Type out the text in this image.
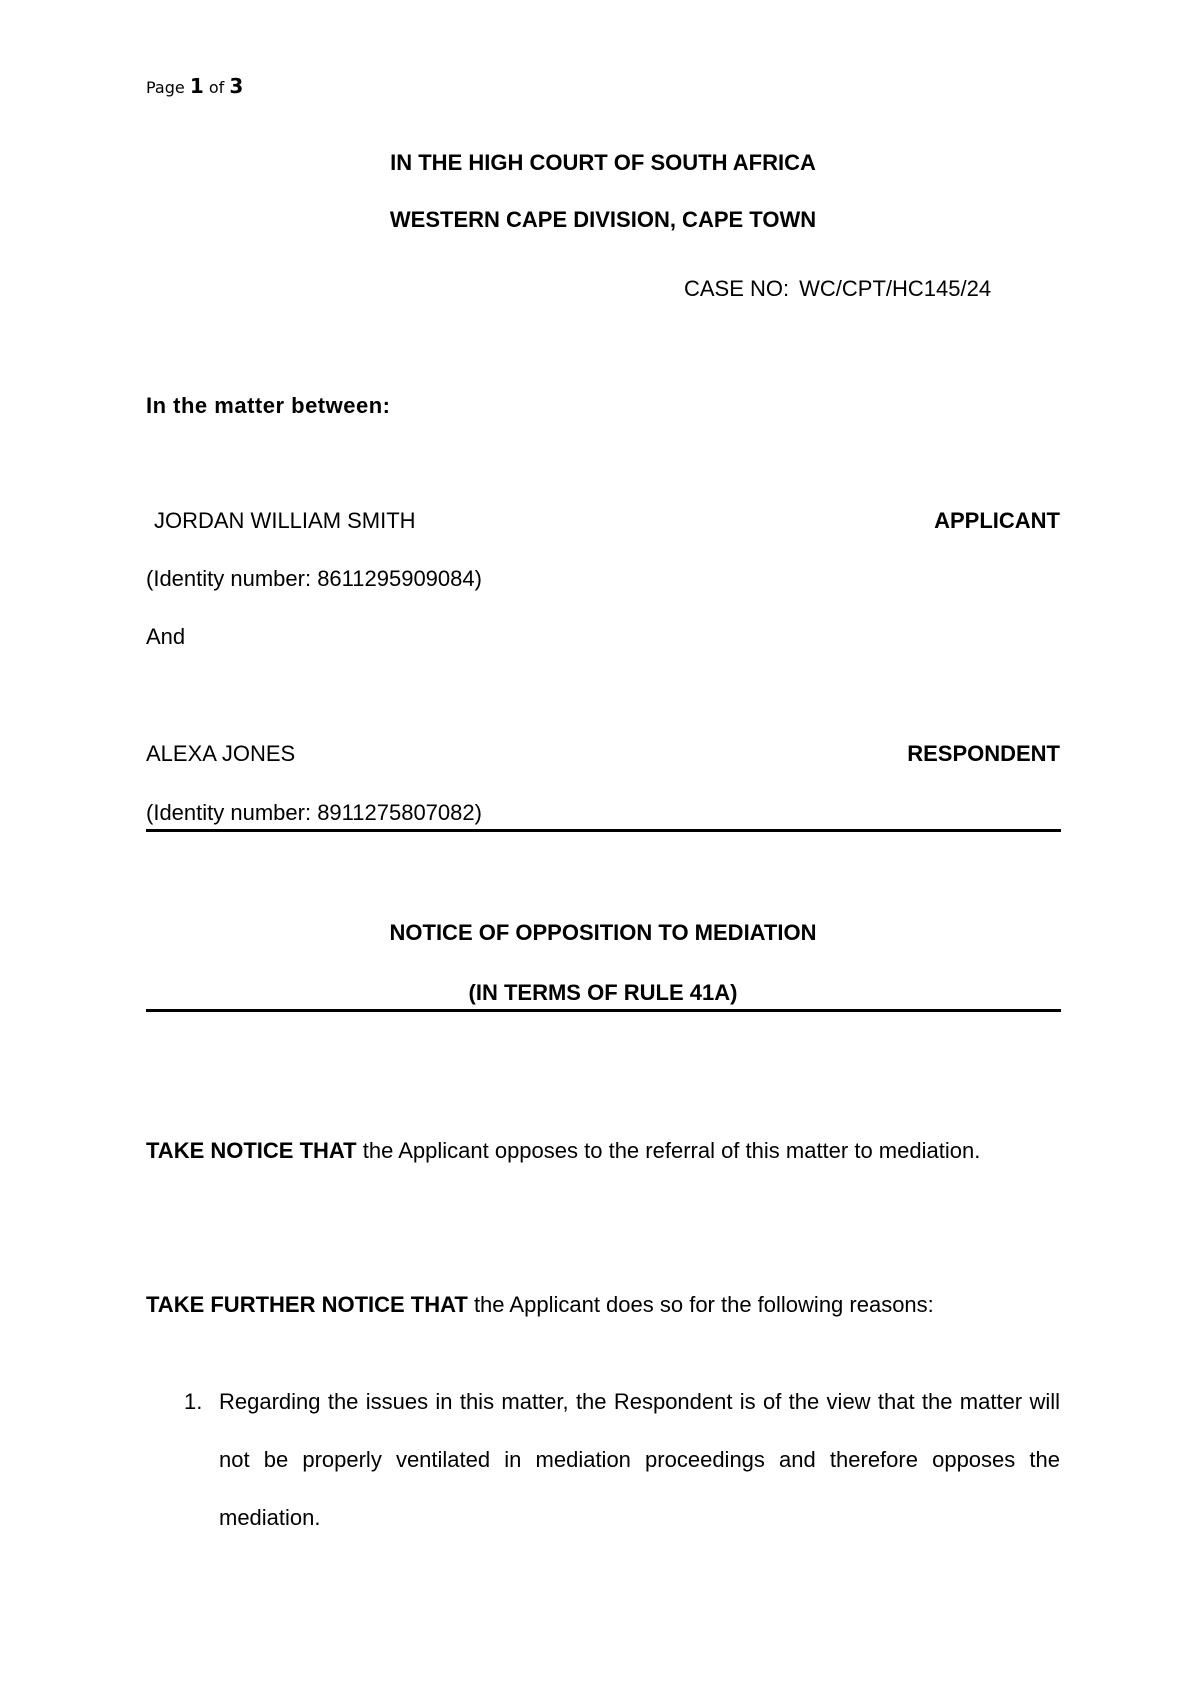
Page 1 of 3
IN THE HIGH COURT OF SOUTH AFRICA
WESTERN CAPE DIVISION, CAPE TOWN
CASE NO: WC/CPT/HC145/24
In the matter between:
JORDAN WILLIAM SMITH	APPLICANT
(Identity number: 8611295909084)
And
ALEXA JONES	RESPONDENT
(Identity number: 8911275807082)
NOTICE OF OPPOSITION TO MEDIATION
(IN TERMS OF RULE 41A)
TAKE NOTICE THAT the Applicant opposes to the referral of this matter to mediation.
TAKE FURTHER NOTICE THAT the Applicant does so for the following reasons:
1. Regarding the issues in this matter, the Respondent is of the view that the matter will not be properly ventilated in mediation proceedings and therefore opposes the mediation.
